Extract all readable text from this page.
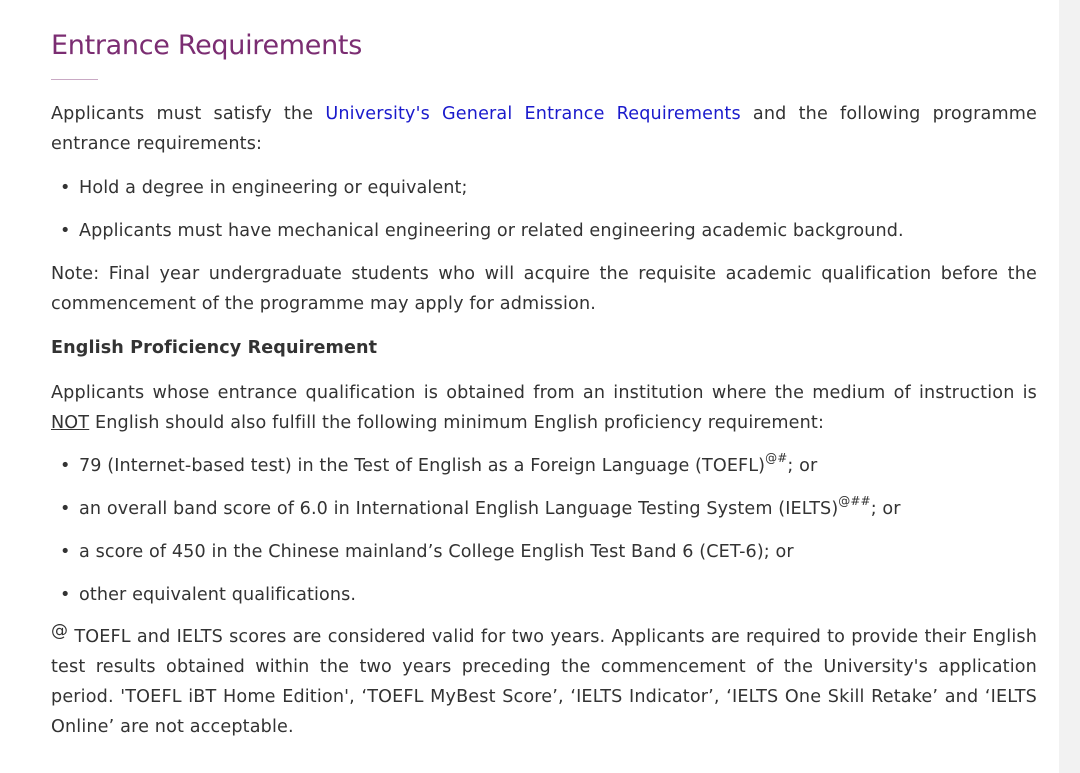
Entrance Requirements

Applicants must satisfy the University's General Entrance Requirements and the following programme entrance requirements:

• Hold a degree in engineering or equivalent;
• Applicants must have mechanical engineering or related engineering academic background.

Note: Final year undergraduate students who will acquire the requisite academic qualification before the commencement of the programme may apply for admission.

English Proficiency Requirement

Applicants whose entrance qualification is obtained from an institution where the medium of instruction is NOT English should also fulfill the following minimum English proficiency requirement:

• 79 (Internet-based test) in the Test of English as a Foreign Language (TOEFL)@#; or
• an overall band score of 6.0 in International English Language Testing System (IELTS)@##; or
• a score of 450 in the Chinese mainland’s College English Test Band 6 (CET-6); or
• other equivalent qualifications.

@ TOEFL and IELTS scores are considered valid for two years. Applicants are required to provide their English test results obtained within the two years preceding the commencement of the University's application period. 'TOEFL iBT Home Edition', ‘TOEFL MyBest Score’, ‘IELTS Indicator’, ‘IELTS One Skill Retake’ and ‘IELTS Online’ are not acceptable.
